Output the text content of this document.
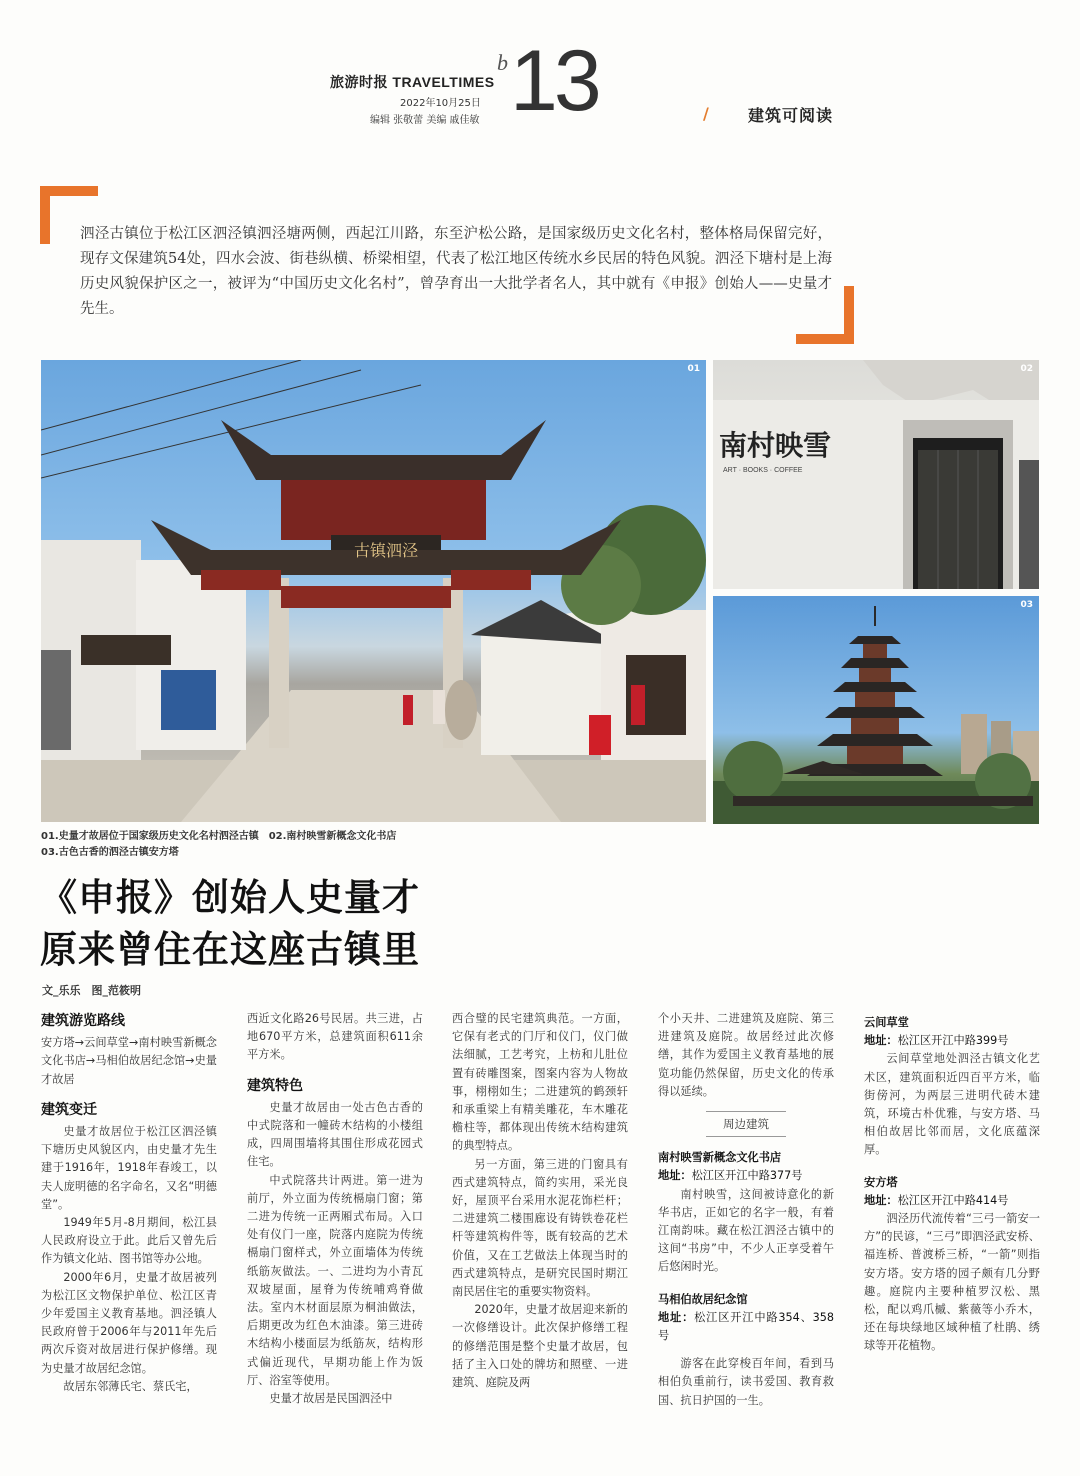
旅游时报 TRAVELTIMES
2022年10月25日
编辑 张敬蕾 美编 戚佳敏
b 13	/ 建筑可阅读
泗泾古镇位于松江区泗泾镇泗泾塘两侧，西起江川路，东至沪松公路，是国家级历史文化名村，整体格局保留完好，现存文保建筑54处，四水会波、街巷纵横、桥梁相望，代表了松江地区传统水乡民居的特色风貌。泗泾下塘村是上海历史风貌保护区之一，被评为“中国历史文化名村”，曾孕育出一大批学者名人，其中就有《申报》创始人——史量才先生。
古镇泗泾
01
南村映雪
ART · BOOKS · COFFEE
02
03
01.史量才故居位于国家级历史文化名村泗泾古镇　02.南村映雪新概念文化书店
03.古色古香的泗泾古镇安方塔
《申报》创始人史量才
原来曾住在这座古镇里
文_乐乐　图_范筱明
建筑游览路线
安方塔→云间草堂→南村映雪新概念文化书店→马相伯故居纪念馆→史量才故居
建筑变迁
史量才故居位于松江区泗泾镇下塘历史风貌区内，由史量才先生建于1916年，1918年春竣工，以夫人庞明德的名字命名，又名“明德堂”。
1949年5月-8月期间，松江县人民政府设立于此。此后又曾先后作为镇文化站、图书馆等办公地。
2000年6月，史量才故居被列为松江区文物保护单位、松江区青少年爱国主义教育基地。泗泾镇人民政府曾于2006年与2011年先后两次斥资对故居进行保护修缮。现为史量才故居纪念馆。
故居东邻薄氏宅、蔡氏宅，
西近文化路26号民居。共三进，占地670平方米，总建筑面积611余平方米。
建筑特色
史量才故居由一处古色古香的中式院落和一幢砖木结构的小楼组成，四周围墙将其围住形成花园式住宅。
中式院落共计两进。第一进为前厅，外立面为传统槅扇门窗；第二进为传统一正两厢式布局。入口处有仪门一座，院落内庭院为传统槅扇门窗样式，外立面墙体为传统纸筋灰做法。一、二进均为小青瓦双坡屋面，屋脊为传统哺鸡脊做法。室内木材面层原为桐油做法，后期更改为红色木油漆。第三进砖木结构小楼面层为纸筋灰，结构形式偏近现代，早期功能上作为饭厅、浴室等使用。
史量才故居是民国泗泾中
西合璧的民宅建筑典范。一方面，它保有老式的门厅和仪门，仪门做法细腻，工艺考究，上枋和儿肚位置有砖雕图案，图案内容为人物故事，栩栩如生；二进建筑的鹤颈轩和承重梁上有精美雕花，车木雕花檐柱等，都体现出传统木结构建筑的典型特点。
另一方面，第三进的门窗具有西式建筑特点，简约实用，采光良好，屋顶平台采用水泥花饰栏杆；二进建筑二楼围廊设有铸铁卷花栏杆等建筑构件等，既有较高的艺术价值，又在工艺做法上体现当时的西式建筑特点，是研究民国时期江南民居住宅的重要实物资料。
2020年，史量才故居迎来新的一次修缮设计。此次保护修缮工程的修缮范围是整个史量才故居，包括了主入口处的牌坊和照壁、一进建筑、庭院及两
个小天井、二进建筑及庭院、第三进建筑及庭院。故居经过此次修缮，其作为爱国主义教育基地的展览功能仍然保留，历史文化的传承得以延续。
周边建筑
南村映雪新概念文化书店
地址：松江区开江中路377号
南村映雪，这间被诗意化的新华书店，正如它的名字一般，有着江南韵味。藏在松江泗泾古镇中的这间“书房”中，不少人正享受着午后悠闲时光。
马相伯故居纪念馆
地址：松江区开江中路354、358号
游客在此穿梭百年间，看到马相伯负重前行，读书爱国、教育救国、抗日护国的一生。
云间草堂
地址：松江区开江中路399号
云间草堂地处泗泾古镇文化艺术区，建筑面积近四百平方米，临街傍河，为两层三进明代砖木建筑，环境古朴优雅，与安方塔、马相伯故居比邻而居，文化底蕴深厚。
安方塔
地址：松江区开江中路414号
泗泾历代流传着“三弓一箭安一方”的民谚，“三弓”即泗泾武安桥、福连桥、普渡桥三桥，“一箭”则指安方塔。安方塔的园子颇有几分野趣。庭院内主要种植罗汉松、黑松，配以鸡爪槭、紫薇等小乔木，还在每块绿地区域种植了杜鹃、绣球等开花植物。
